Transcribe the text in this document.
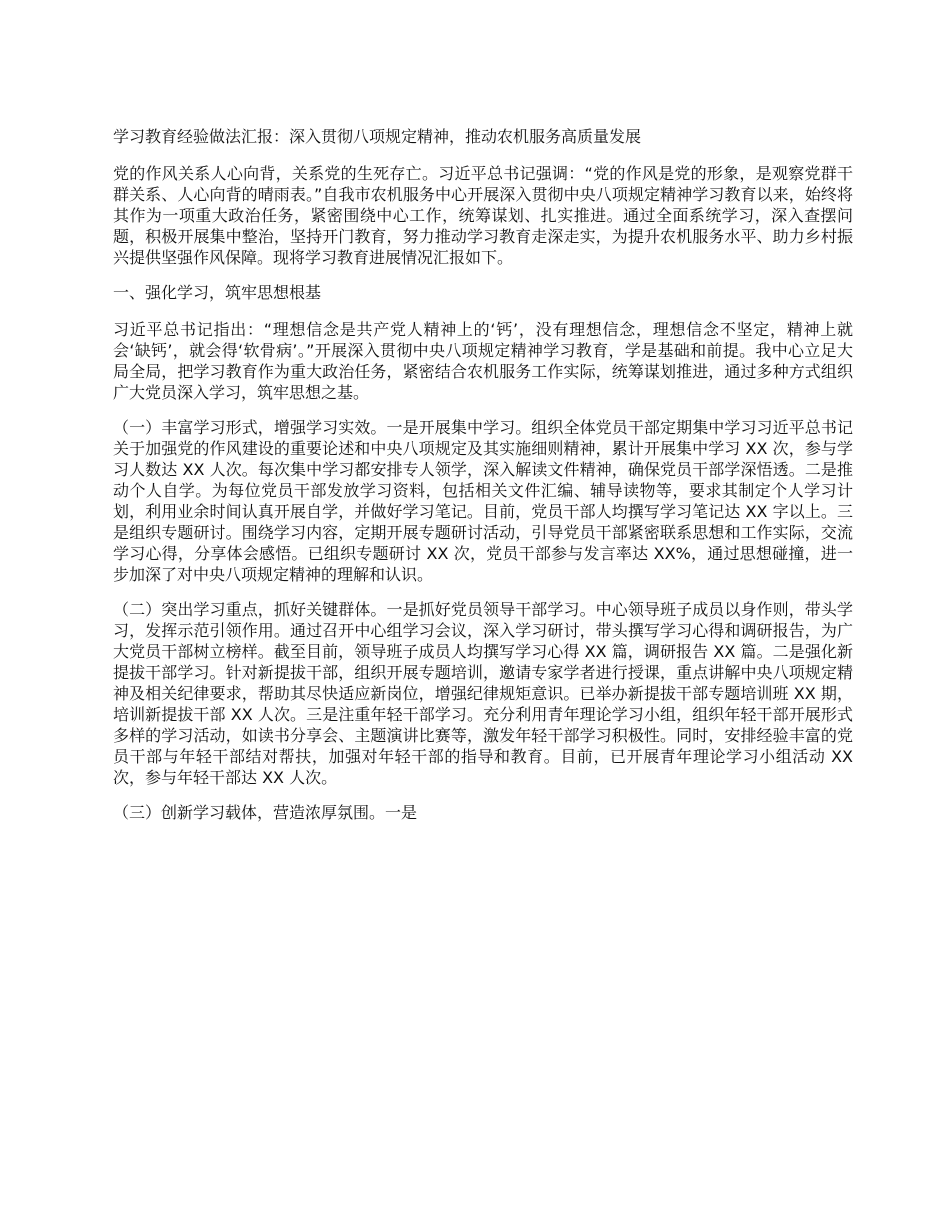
学习教育经验做法汇报：深入贯彻八项规定精神，推动农机服务高质量发展

党的作风关系人心向背，关系党的生死存亡。习近平总书记强调：“党的作风是党的形象，是观察党群干群关系、人心向背的晴雨表。”自我市农机服务中心开展深入贯彻中央八项规定精神学习教育以来，始终将其作为一项重大政治任务，紧密围绕中心工作，统筹谋划、扎实推进。通过全面系统学习，深入查摆问题，积极开展集中整治，坚持开门教育，努力推动学习教育走深走实，为提升农机服务水平、助力乡村振兴提供坚强作风保障。现将学习教育进展情况汇报如下。

一、强化学习，筑牢思想根基

习近平总书记指出：“理想信念是共产党人精神上的‘钙’，没有理想信念，理想信念不坚定，精神上就会‘缺钙’，就会得‘软骨病’。”开展深入贯彻中央八项规定精神学习教育，学是基础和前提。我中心立足大局全局，把学习教育作为重大政治任务，紧密结合农机服务工作实际，统筹谋划推进，通过多种方式组织广大党员深入学习，筑牢思想之基。

（一）丰富学习形式，增强学习实效。一是开展集中学习。组织全体党员干部定期集中学习习近平总书记关于加强党的作风建设的重要论述和中央八项规定及其实施细则精神，累计开展集中学习 XX 次，参与学习人数达 XX 人次。每次集中学习都安排专人领学，深入解读文件精神，确保党员干部学深悟透。二是推动个人自学。为每位党员干部发放学习资料，包括相关文件汇编、辅导读物等，要求其制定个人学习计划，利用业余时间认真开展自学，并做好学习笔记。目前，党员干部人均撰写学习笔记达 XX 字以上。三是组织专题研讨。围绕学习内容，定期开展专题研讨活动，引导党员干部紧密联系思想和工作实际，交流学习心得，分享体会感悟。已组织专题研讨 XX 次，党员干部参与发言率达 XX%，通过思想碰撞，进一步加深了对中央八项规定精神的理解和认识。

（二）突出学习重点，抓好关键群体。一是抓好党员领导干部学习。中心领导班子成员以身作则，带头学习，发挥示范引领作用。通过召开中心组学习会议，深入学习研讨，带头撰写学习心得和调研报告，为广大党员干部树立榜样。截至目前，领导班子成员人均撰写学习心得 XX 篇，调研报告 XX 篇。二是强化新提拔干部学习。针对新提拔干部，组织开展专题培训，邀请专家学者进行授课，重点讲解中央八项规定精神及相关纪律要求，帮助其尽快适应新岗位，增强纪律规矩意识。已举办新提拔干部专题培训班 XX 期，培训新提拔干部 XX 人次。三是注重年轻干部学习。充分利用青年理论学习小组，组织年轻干部开展形式多样的学习活动，如读书分享会、主题演讲比赛等，激发年轻干部学习积极性。同时，安排经验丰富的党员干部与年轻干部结对帮扶，加强对年轻干部的指导和教育。目前，已开展青年理论学习小组活动 XX 次，参与年轻干部达 XX 人次。

（三）创新学习载体，营造浓厚氛围。一是
